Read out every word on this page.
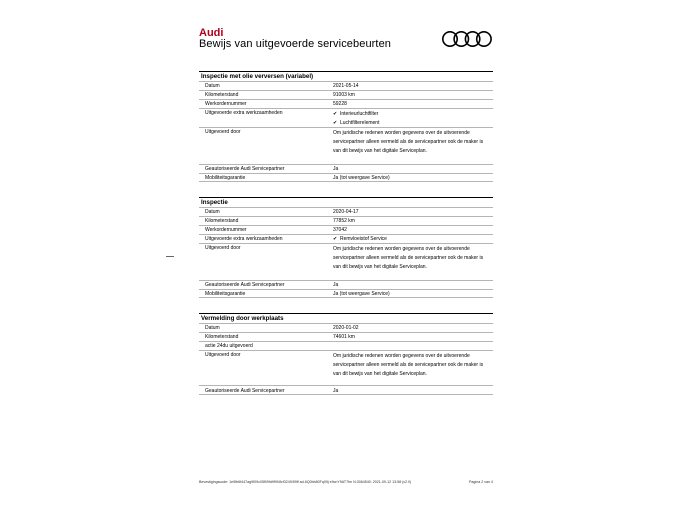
Audi
Bewijs van uitgevoerde servicebeurten
Inspectie met olie verversen (variabel)
Datum	2021-05-14
Kilometerstand	91003 km
Werkordernummer	59228
Uitgevoerde extra werkzaamheden	✔ Interieurluchtfilter
✔ Luchtfilterelement
Uitgevoerd door	Om juridische redenen worden gegevens over de uitvoerende
servicepartner alleen vermeld als de servicepartner ook de maker is
van dit bewijs van het digitale Serviceplan.
Geautoriseerde Audi Servicepartner	Ja
Mobiliteitsgarantie	Ja (tot weergave Service)
Inspectie
Datum	2020-04-17
Kilometerstand	77852 km
Werkordernummer	37042
Uitgevoerde extra werkzaamheden	✔ Remvloeistof Service
Uitgevoerd door	Om juridische redenen worden gegevens over de uitvoerende
servicepartner alleen vermeld als de servicepartner ook de maker is
van dit bewijs van het digitale Serviceplan.
Geautoriseerde Audi Servicepartner	Ja
Mobiliteitsgarantie	Ja (tot weergave Service)
Vermelding door werkplaats
Datum	2020-01-02
Kilometerstand	74601 km
actie 24du uitgevoerd
Uitgevoerd door	Om juridische redenen worden gegevens over de uitvoerende
servicepartner alleen vermeld als de servicepartner ook de maker is
van dit bewijs van het digitale Serviceplan.
Geautoriseerde Audi Servicepartner	Ja
Bevestigingscode: 1e5fb6f447ag9f09c05f09fd9f9f4fcf3249/59ff ad-6Q0bb80Fq09j e9cnY9AT7fm N:3064540: 2021-09-12 13:58 (v2.0)	Pagina 2 van 4
